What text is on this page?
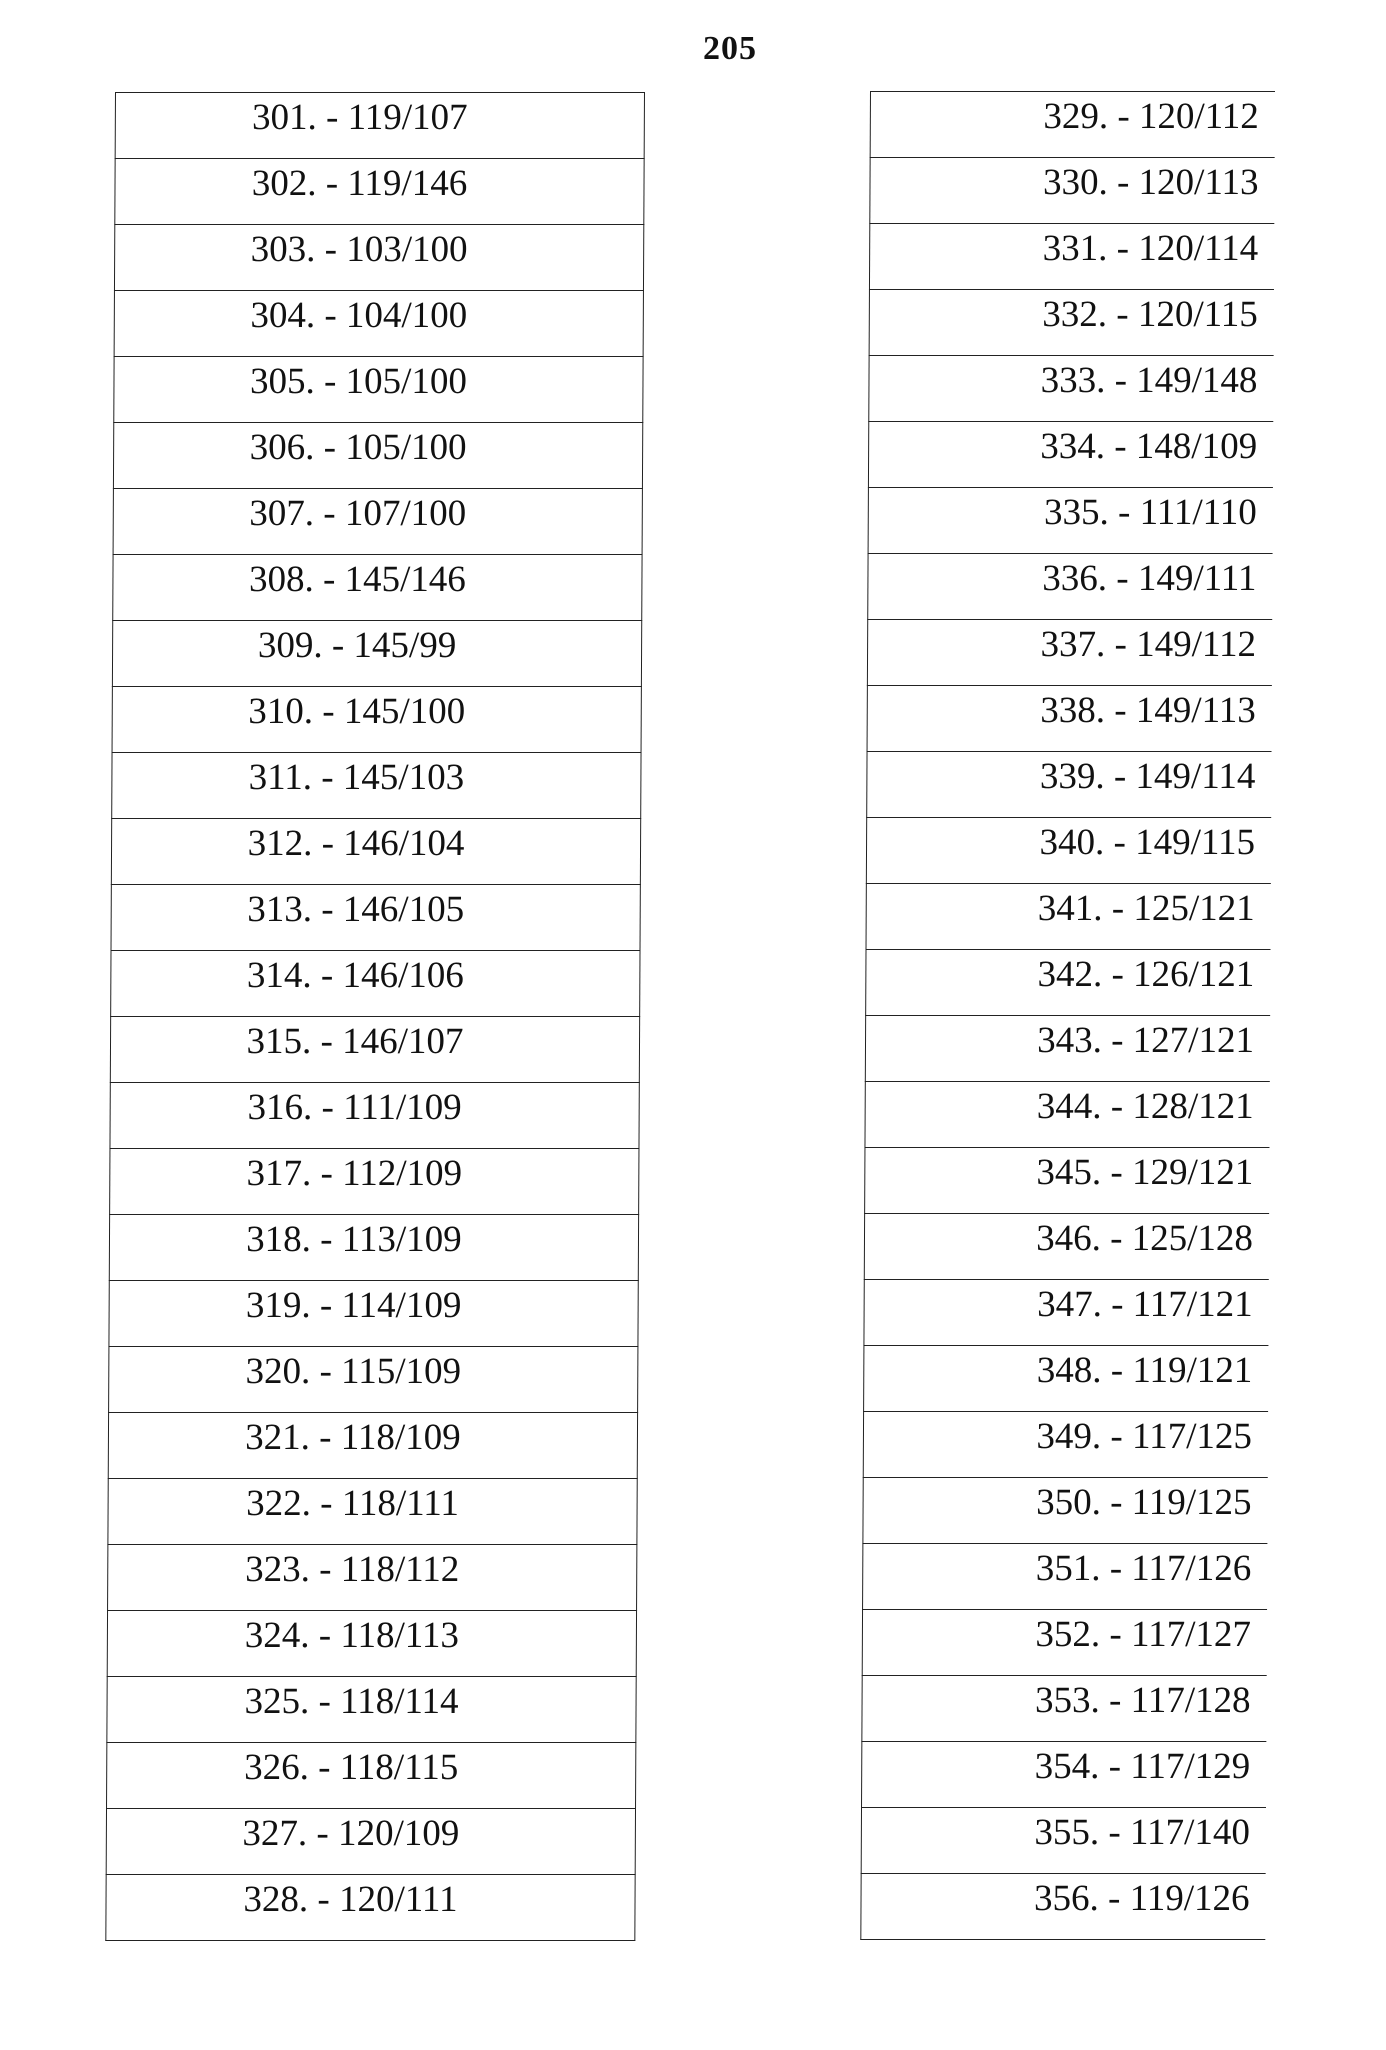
205
301. - 119/107
302. - 119/146
303. - 103/100
304. - 104/100
305. - 105/100
306. - 105/100
307. - 107/100
308. - 145/146
309. - 145/99
310. - 145/100
311. - 145/103
312. - 146/104
313. - 146/105
314. - 146/106
315. - 146/107
316. - 111/109
317. - 112/109
318. - 113/109
319. - 114/109
320. - 115/109
321. - 118/109
322. - 118/111
323. - 118/112
324. - 118/113
325. - 118/114
326. - 118/115
327. - 120/109
328. - 120/111
329. - 120/112
330. - 120/113
331. - 120/114
332. - 120/115
333. - 149/148
334. - 148/109
335. - 111/110
336. - 149/111
337. - 149/112
338. - 149/113
339. - 149/114
340. - 149/115
341. - 125/121
342. - 126/121
343. - 127/121
344. - 128/121
345. - 129/121
346. - 125/128
347. - 117/121
348. - 119/121
349. - 117/125
350. - 119/125
351. - 117/126
352. - 117/127
353. - 117/128
354. - 117/129
355. - 117/140
356. - 119/126
